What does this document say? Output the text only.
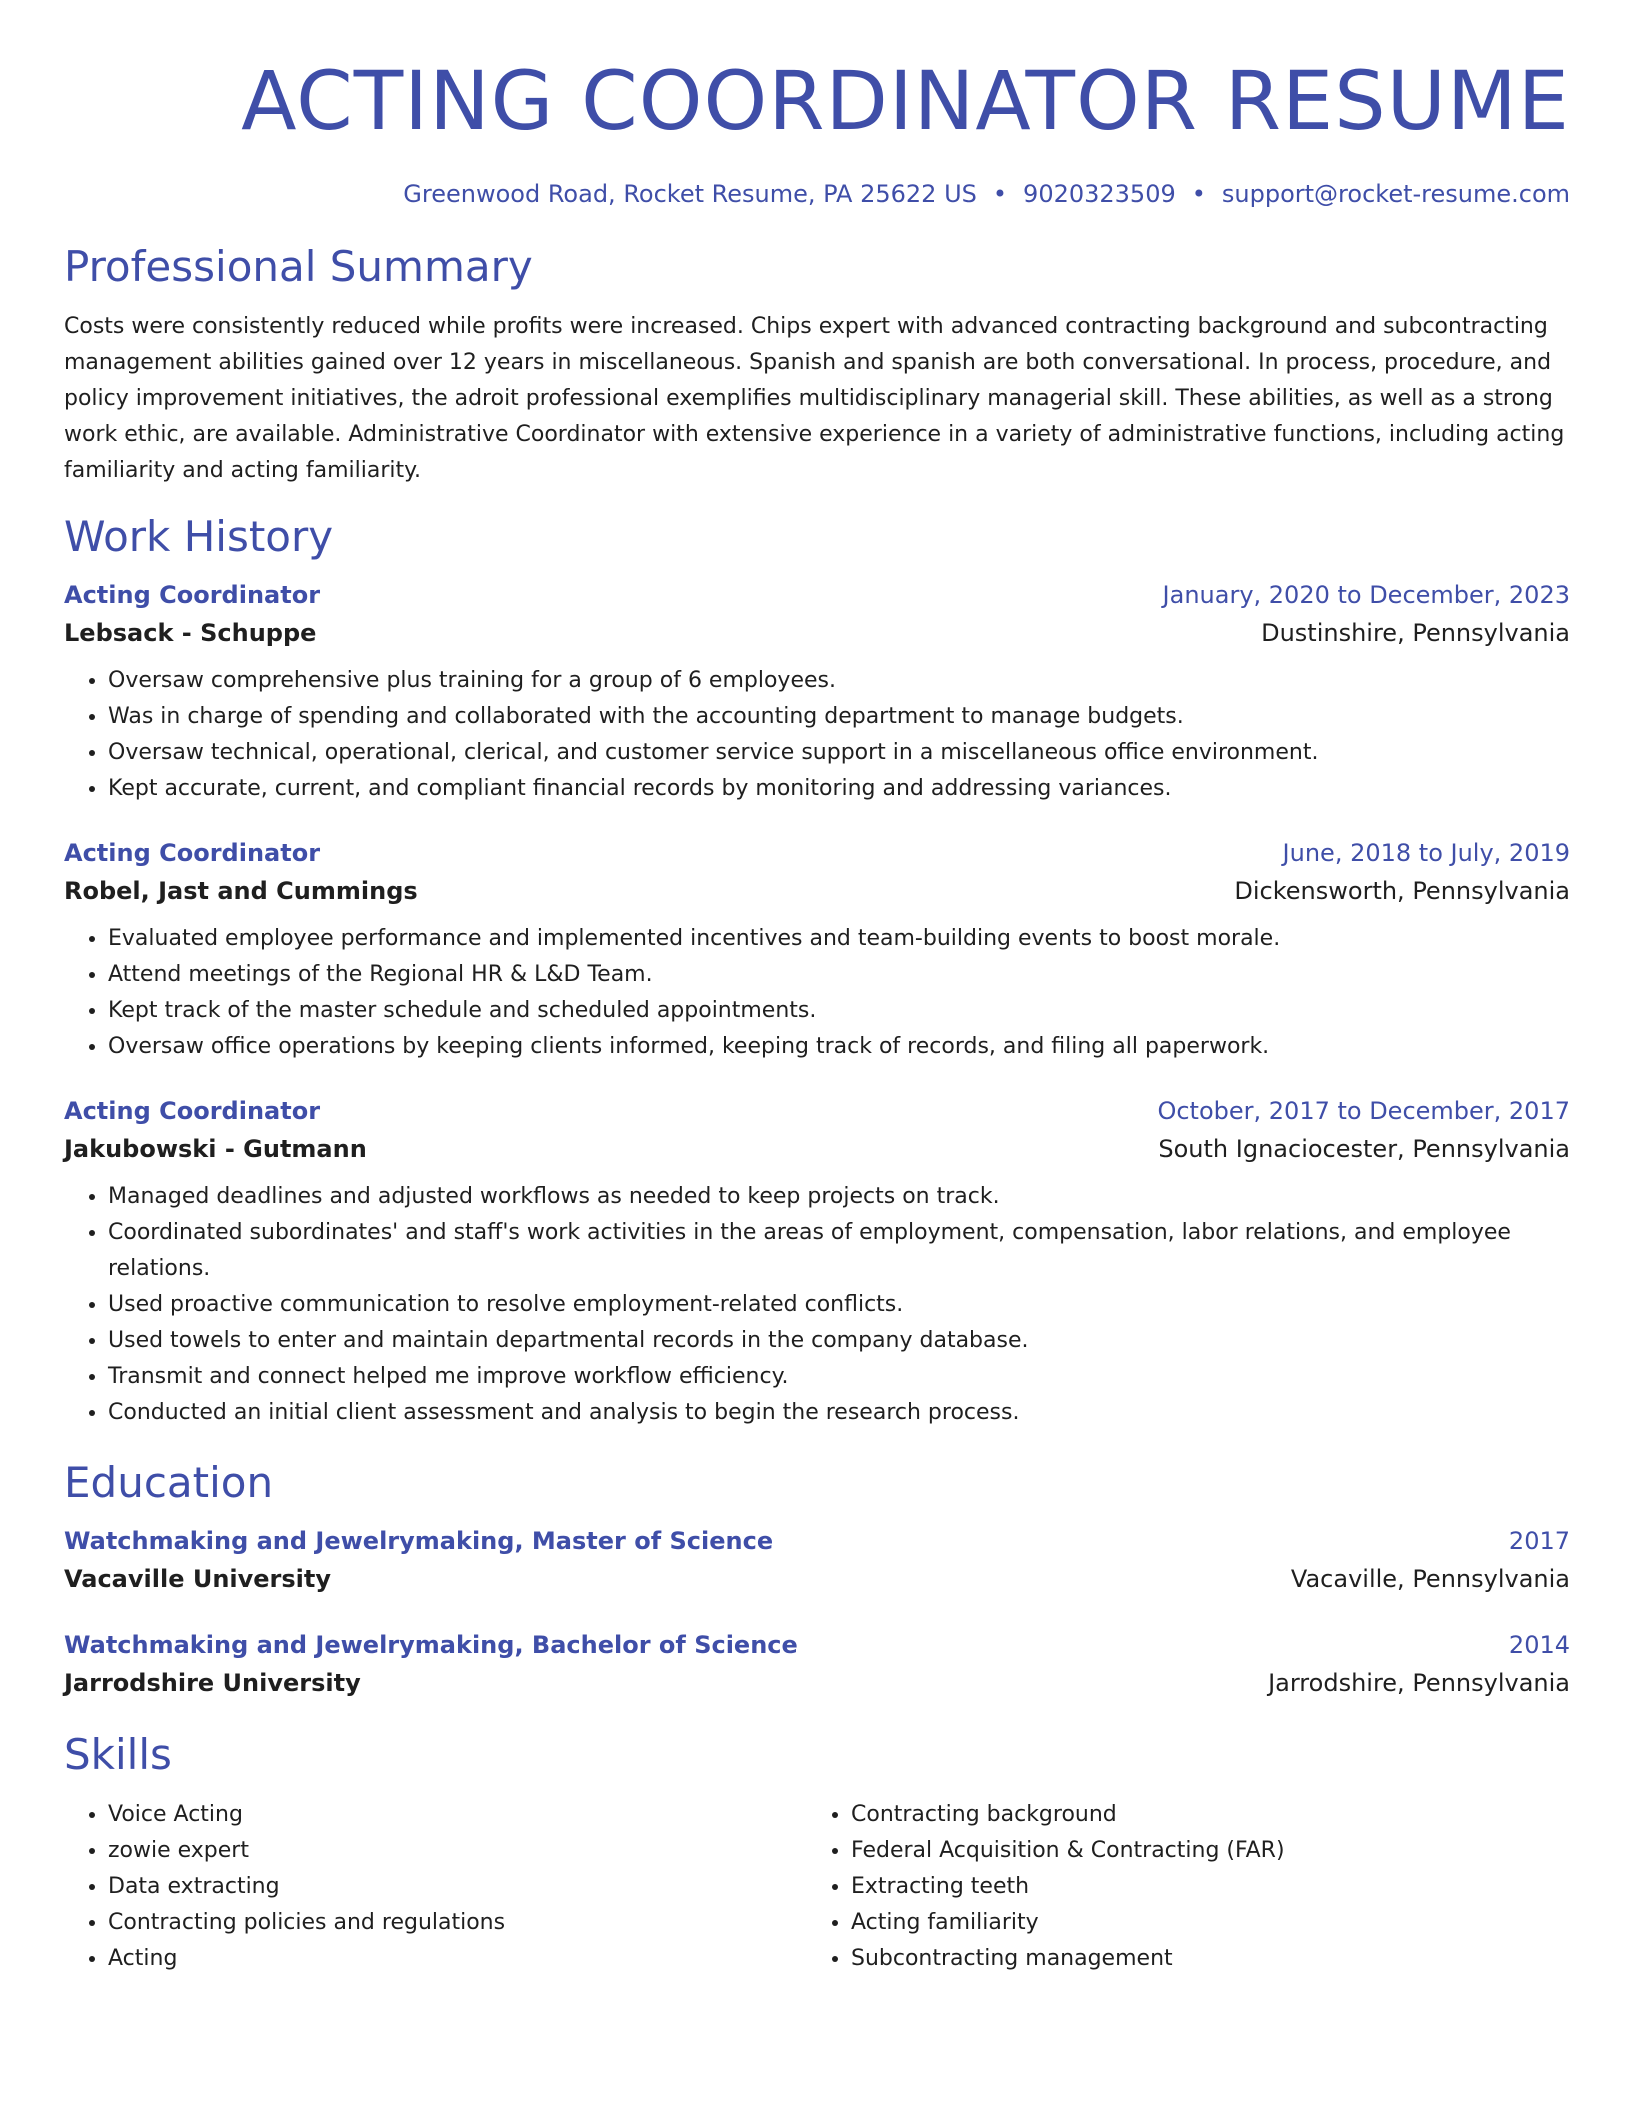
ACTING COORDINATOR RESUME
Greenwood Road, Rocket Resume, PA 25622 US • 9020323509 • support@rocket-resume.com
Professional Summary

Costs were consistently reduced while profits were increased. Chips expert with advanced contracting background and subcontracting management abilities gained over 12 years in miscellaneous. Spanish and spanish are both conversational. In process, procedure, and policy improvement initiatives, the adroit professional exemplifies multidisciplinary managerial skill. These abilities, as well as a strong work ethic, are available. Administrative Coordinator with extensive experience in a variety of administrative functions, including acting familiarity and acting familiarity.

Work History
Acting Coordinator	January, 2020 to December, 2023
Lebsack - Schuppe	Dustinshire, Pennsylvania
• Oversaw comprehensive plus training for a group of 6 employees.
• Was in charge of spending and collaborated with the accounting department to manage budgets.
• Oversaw technical, operational, clerical, and customer service support in a miscellaneous office environment.
• Kept accurate, current, and compliant financial records by monitoring and addressing variances.
Acting Coordinator	June, 2018 to July, 2019
Robel, Jast and Cummings	Dickensworth, Pennsylvania
• Evaluated employee performance and implemented incentives and team-building events to boost morale.
• Attend meetings of the Regional HR & L&D Team.
• Kept track of the master schedule and scheduled appointments.
• Oversaw office operations by keeping clients informed, keeping track of records, and filing all paperwork.
Acting Coordinator	October, 2017 to December, 2017
Jakubowski - Gutmann	South Ignaciocester, Pennsylvania
• Managed deadlines and adjusted workflows as needed to keep projects on track.
• Coordinated subordinates' and staff's work activities in the areas of employment, compensation, labor relations, and employee relations.
• Used proactive communication to resolve employment-related conflicts.
• Used towels to enter and maintain departmental records in the company database.
• Transmit and connect helped me improve workflow efficiency.
• Conducted an initial client assessment and analysis to begin the research process.
Education
Watchmaking and Jewelrymaking, Master of Science	2017
Vacaville University	Vacaville, Pennsylvania
Watchmaking and Jewelrymaking, Bachelor of Science	2014
Jarrodshire University	Jarrodshire, Pennsylvania
Skills
• Voice Acting
• zowie expert
• Data extracting
• Contracting policies and regulations
• Acting
• Contracting background
• Federal Acquisition & Contracting (FAR)
• Extracting teeth
• Acting familiarity
• Subcontracting management
